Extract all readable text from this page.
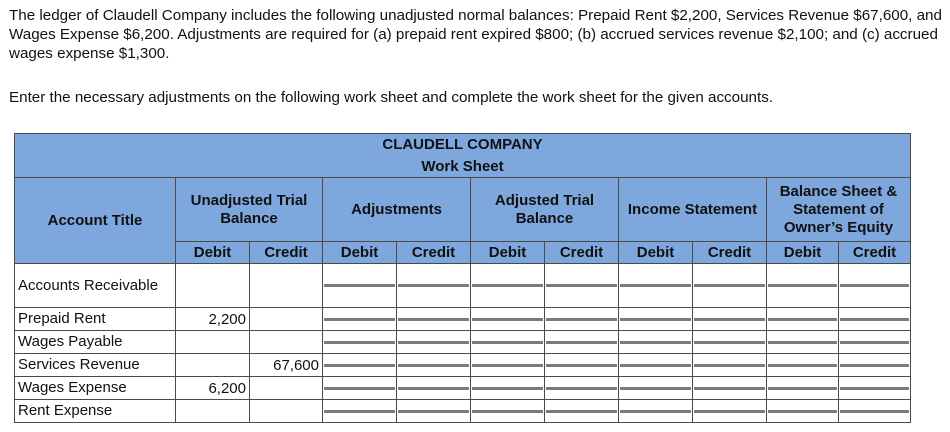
The ledger of Claudell Company includes the following unadjusted normal balances: Prepaid Rent $2,200, Services Revenue $67,600, and Wages Expense $6,200. Adjustments are required for (a) prepaid rent expired $800; (b) accrued services revenue $2,100; and (c) accrued wages expense $1,300.
Enter the necessary adjustments on the following work sheet and complete the work sheet for the given accounts.
CLAUDELL COMPANY										
Work Sheet										
Account Title	Unadjusted Trial Balance		Adjustments		Adjusted Trial Balance		Income Statement		Balance Sheet & Statement of Owner’s Equity	
	Debit	Credit	Debit	Credit	Debit	Credit	Debit	Credit	Debit	Credit
Accounts Receivable			

Prepaid Rent	2,200		

Wages Payable			

Services Revenue		67,600	

Wages Expense	6,200		

Rent Expense			
